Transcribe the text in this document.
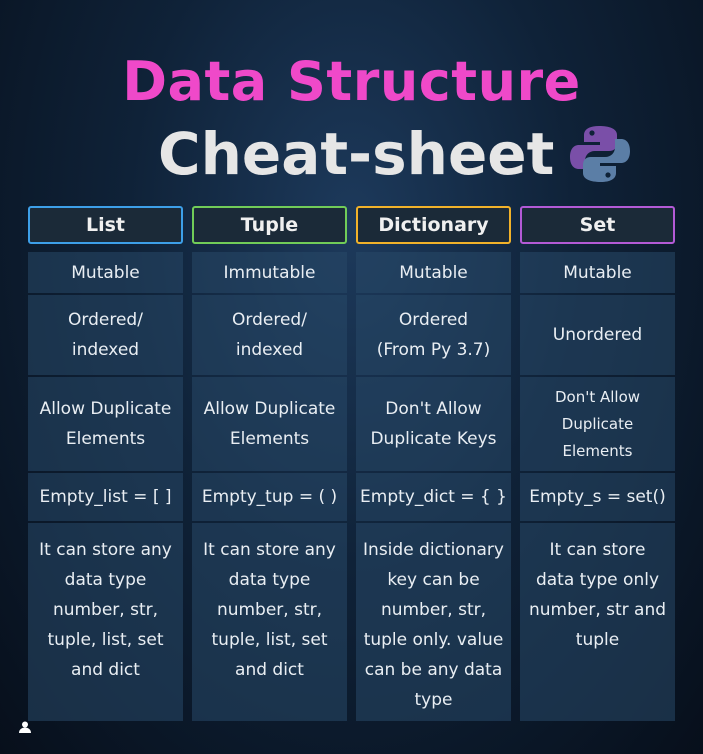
Data Structure
Cheat-sheet
List
Mutable
Ordered/
indexed
Allow Duplicate
Elements
Empty_list = [ ]
It can store any
data type
number, str,
tuple, list, set
and dict
Tuple
Immutable
Ordered/
indexed
Allow Duplicate
Elements
Empty_tup = ( )
It can store any
data type
number, str,
tuple, list, set
and dict
Dictionary
Mutable
Ordered
(From Py 3.7)
Don't Allow
Duplicate Keys
Empty_dict = { }
Inside dictionary
key can be
number, str,
tuple only. value
can be any data
type
Set
Mutable
Unordered
Don't Allow
Duplicate
Elements
Empty_s = set()
It can store
data type only
number, str and
tuple
